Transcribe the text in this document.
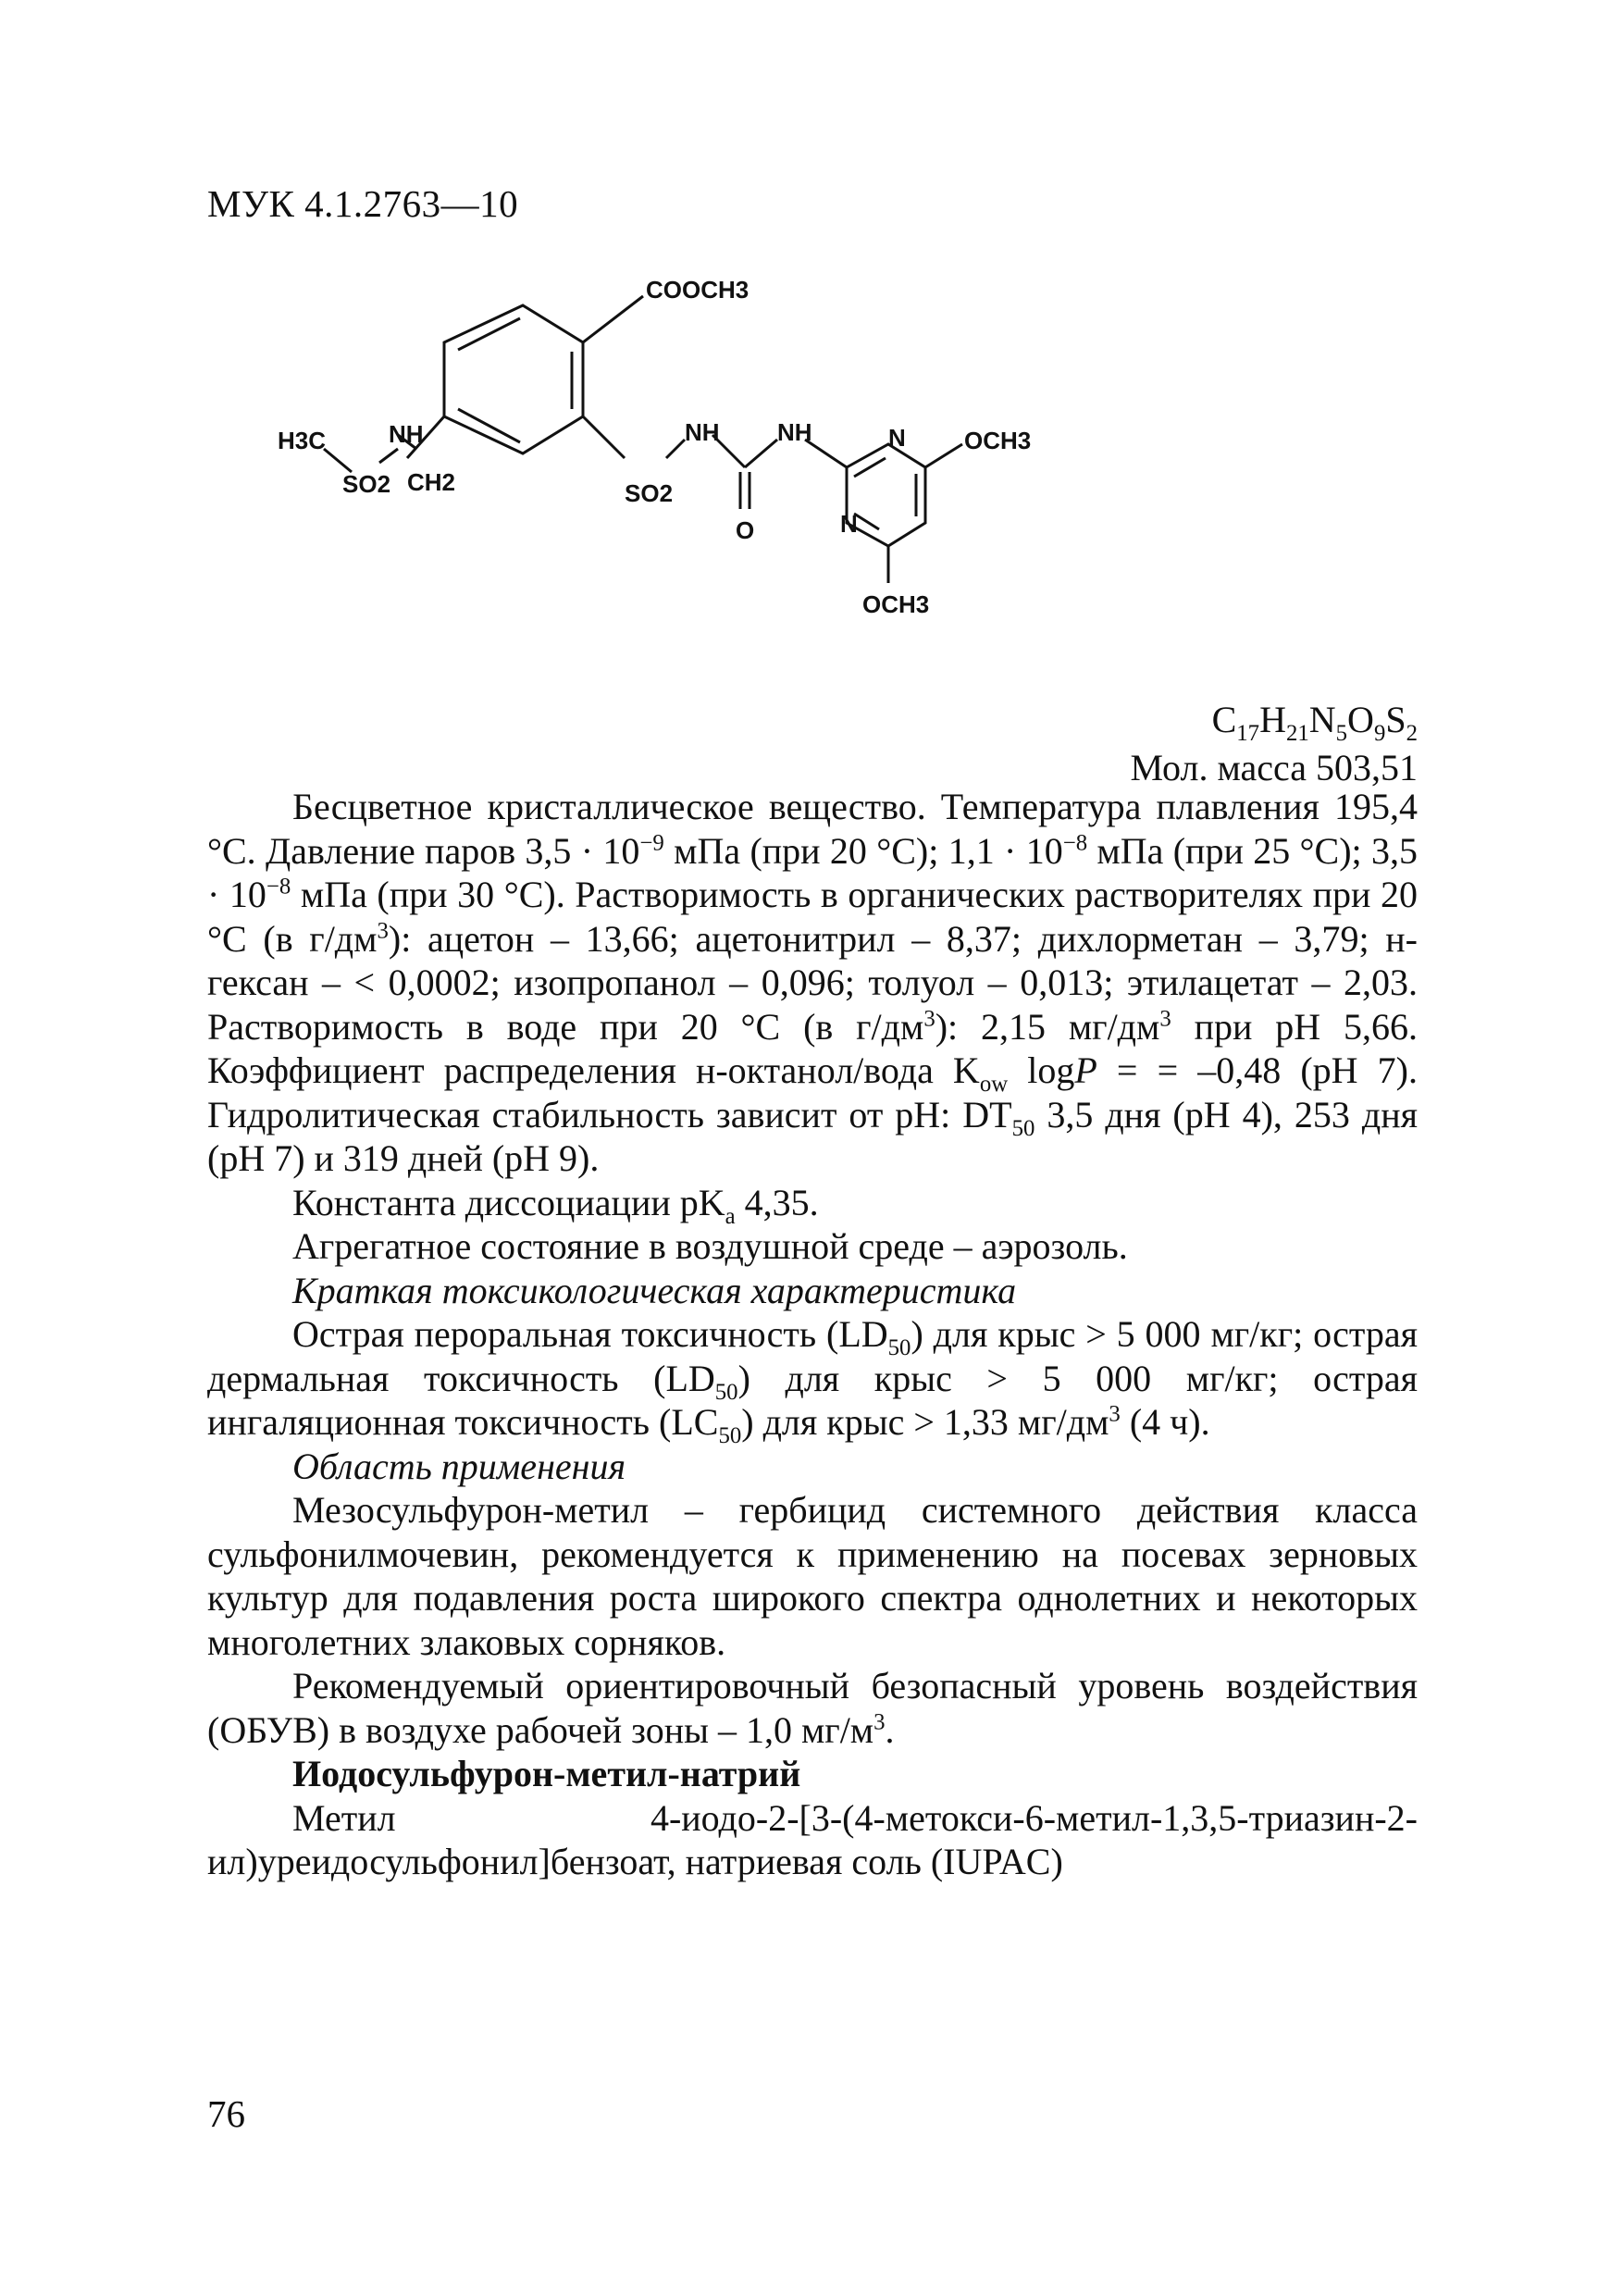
МУК 4.1.2763—10
COOCH3
H3C
SO2
NH
CH2	SO2
NH NH
O
N
N
OCH3
OCH3
$C_{17}H_{21}N_5O_9S_2$
Мол. масса 503,51

Бесцветное кристаллическое вещество. Температура плавления 195,4 °С. Давление паров $3,5 \cdot 10^{-9}$ мПа (при 20 °С); $1,1 \cdot 10^{-8}$ мПа (при 25 °С); $3,5 \cdot 10^{-8}$ мПа (при 30 °С). Растворимость в органических растворителях при 20 °С (в $г/дм^3$): ацетон – 13,66; ацетонитрил – 8,37; дихлорметан – 3,79; н-гексан – < 0,0002; изопропанол – 0,096; толуол – 0,013; этилацетат – 2,03. Растворимость в воде при 20 °С (в $г/дм^3$): 2,15 $мг/дм^3$ при рН 5,66. Коэффициент распределения н-октанол/вода $K_{ow}$ logP = = –0,48 (рН 7). Гидролитическая стабильность зависит от рН: $DT_{50}$ 3,5 дня (рН 4), 253 дня (рН 7) и 319 дней (рН 9).

Константа диссоциации $рK_a$ 4,35.

Агрегатное состояние в воздушной среде – аэрозоль.

Краткая токсикологическая характеристика

Острая пероральная токсичность $(LD_{50})$ для крыс > 5 000 мг/кг; острая дермальная токсичность $(LD_{50})$ для крыс > 5 000 мг/кг; острая ингаляционная токсичность $(LC_{50})$ для крыс > 1,33 $мг/дм^3$ (4 ч).

Область применения

Мезосульфурон-метил – гербицид системного действия класса сульфонилмочевин, рекомендуется к применению на посевах зерновых культур для подавления роста широкого спектра однолетних и некоторых многолетних злаковых сорняков.

Рекомендуемый ориентировочный безопасный уровень воздействия (ОБУВ) в воздухе рабочей зоны – 1,0 $мг/м^3$.

Иодосульфурон-метил-натрий

Метил 4-иодо-2-[3-(4-метокси-6-метил-1,3,5-триазин-2-ил)уреидосульфонил]бензоат, натриевая соль (IUPAC)

76
